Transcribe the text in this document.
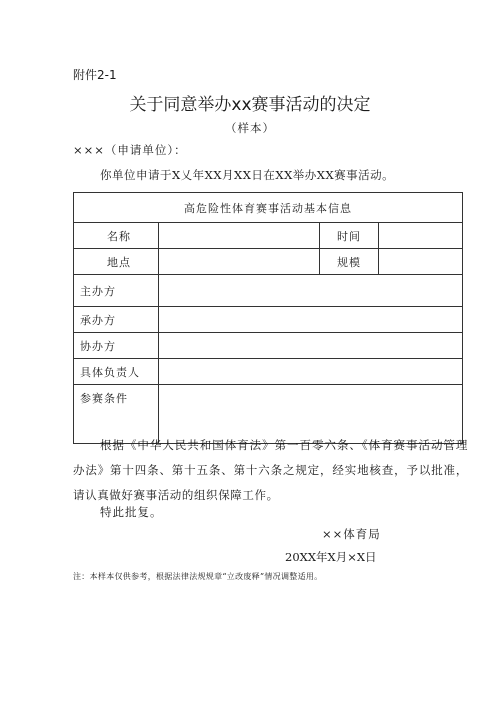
附件2-1
关于同意举办xx赛事活动的决定
（样本）
×××（申请单位）：
你单位申请于X乂年XX月XX日在XX举办XX赛事活动。
高危险性体育赛事活动基本信息			
名称		时间	
地点		规模	
主办方			
承办方			
协办方			
具体负责人			
参赛条件			
根据《中华人民共和国体育法》第一百零六条、《体育赛事活动管理办法》第十四条、第十五条、第十六条之规定，经实地核查，予以批准，请认真做好赛事活动的组织保障工作。
特此批复。
××体育局
20XX年X月×X日
注：本样本仅供参考，根据法律法规规章“立改废释”情况调整适用。
